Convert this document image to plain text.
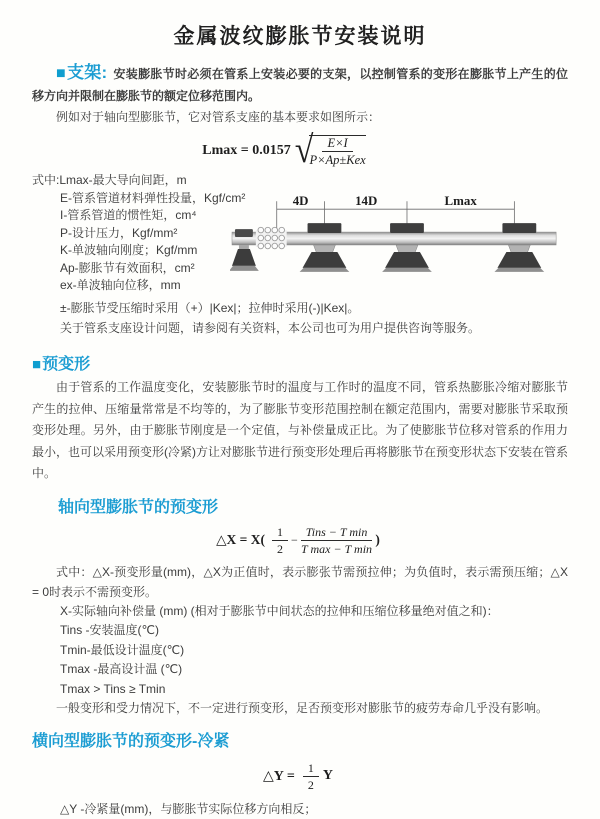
金属波纹膨胀节安装说明

■支架: 安装膨胀节时必须在管系上安装必要的支架，以控制管系的变形在膨胀节上产生的位移方向并限制在膨胀节的额定位移范围内。

例如对于轴向型膨胀节，它对管系支座的基本要求如图所示：

Lmax = 0.0157 √
$\frac{E\times I}{\text{P×Ap±Kex}}$

式中:Lmax-最大导向间距，m

E-管系管道材料弹性投量，Kgf/cm²

I-管系管道的惯性矩，cm⁴

P-设计压力，Kgf/mm²

K-单波轴向刚度；Kgf/mm

Ap-膨胀节有效面积，cm²

ex-单波轴向位移，mm

4D	14D	Lmax

±-膨胀节受压缩时采用（+）|Kex|；拉伸时采用(-)|Kex|。

关于管系支座设计问题，请参阅有关资料，本公司也可为用户提供咨询等服务。

■预变形

由于管系的工作温度变化，安装膨胀节时的温度与工作时的温度不同，管系热膨胀冷缩对膨胀节产生的拉伸、压缩量常常是不均等的，为了膨胀节变形范围控制在额定范围内，需要对膨胀节采取预变形处理。另外，由于膨胀节刚度是一个定值，与补偿量成正比。为了使膨胀节位移对管系的作用力最小，也可以采用预变形(冷紧)方让对膨胀节进行预变形处理后再将膨胀节在预变形状态下安装在管系中。

轴向型膨胀节的预变形
△X = $X( \frac{1}{2} - \frac{\text{Tins − T min}}{\text{T max − T min}}$ )

式中：△X-预变形量(mm)，△X为正值时，表示膨张节需预拉伸；为负值时，表示需预压缩；△X = 0时表示不需预变形。

X-实际轴向补偿量 (mm) (相对于膨胀节中间状态的拉伸和压缩位移量绝对值之和)：

Tins -安装温度(℃)

Tmin-最低设计温度(℃)

Tmax -最高设计温 (℃)

Tmax > Tins ≥ Tmin

一般变形和受力情况下，不一定进行预变形，足否预变形对膨胀节的疲劳寿命几乎没有影响。

横向型膨胀节的预变形-冷紧
△Y = $\frac{1}{2}$ Y

△Y -冷紧量(mm)，与膨胀节实际位移方向相反；
